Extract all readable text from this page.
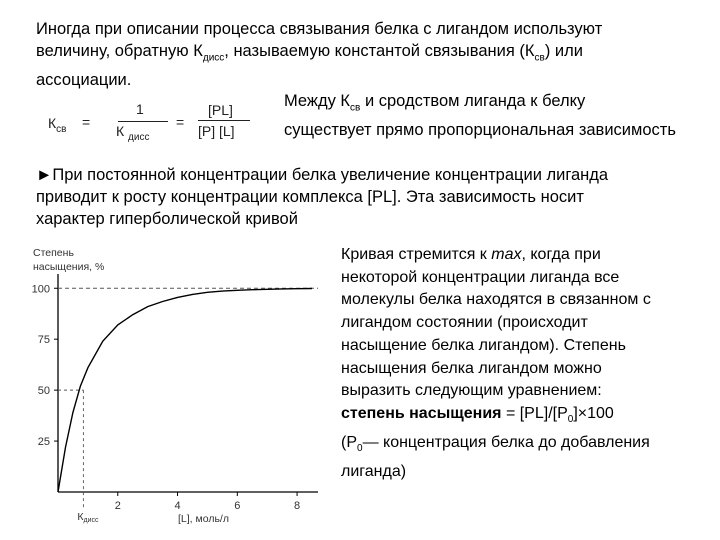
Иногда при описании процесса связывания белка с лигандом используют
величину, обратную $К_{дисс}$, называемую константой связывания $(К_{св})$ или
ассоциации.
$К_{св}$ =
1
К $_{дисс}$
=
[PL]
[P] [L]
Между $К_{св}$ и сродством лиганда к белку
существует прямо пропорциональная зависимость
►При постоянной концентрации белка увеличение концентрации лиганда
приводит к росту концентрации комплекса [PL]. Эта зависимость носит
характер гиперболической кривой
Степень
насыщения, %
25
50
75
100
2	4	6	8
[L], моль/л
Кдисс
Кривая стремится к max, когда при
некоторой концентрации лиганда все
молекулы белка находятся в связанном с
лигандом состоянии (происходит
насыщение белка лигандом). Степень
насыщения белка лигандом можно
выразить следующим уравнением:
степень насыщения = $[PL]/[P_0]\times 100$
($P_0—$ концентрация белка до добавления
лиганда)
